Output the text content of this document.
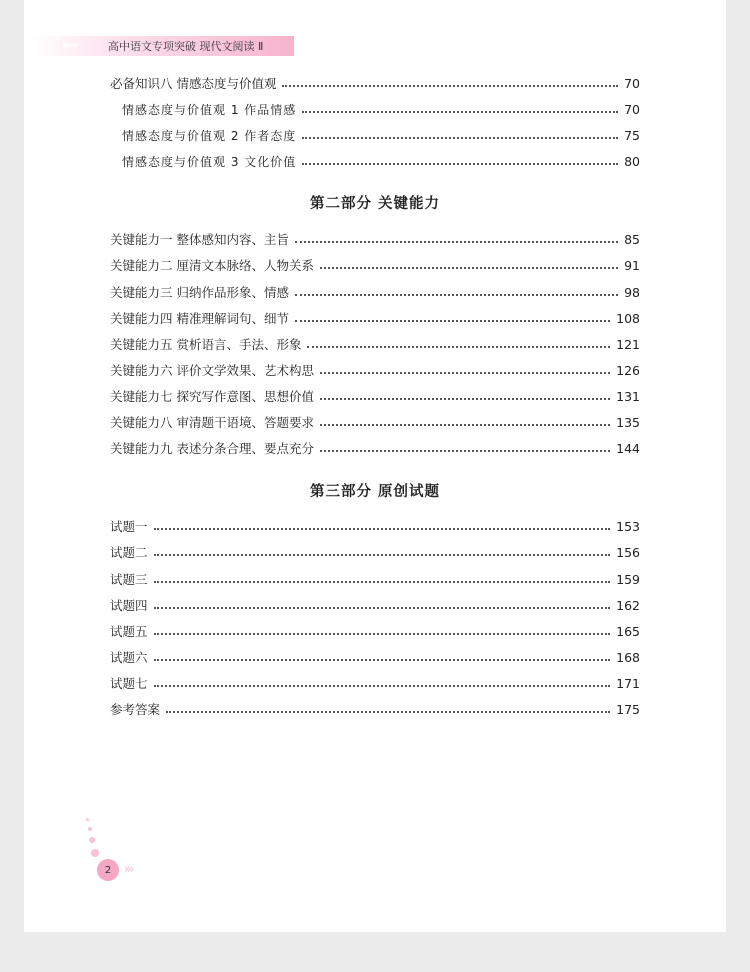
›››››	高中语文专项突破 现代文阅读 Ⅱ
必备知识八 情感态度与价值观	70
情感态度与价值观 1 作品情感	70
情感态度与价值观 2 作者态度	75
情感态度与价值观 3 文化价值	80
第二部分 关键能力
关键能力一 整体感知内容、主旨	85
关键能力二 厘清文本脉络、人物关系	91
关键能力三 归纳作品形象、情感	98
关键能力四 精准理解词句、细节	108
关键能力五 赏析语言、手法、形象	121
关键能力六 评价文学效果、艺术构思	126
关键能力七 探究写作意图、思想价值	131
关键能力八 审清题干语境、答题要求	135
关键能力九 表述分条合理、要点充分	144
第三部分 原创试题
试题一	153
试题二	156
试题三	159
试题四	162
试题五	165
试题六	168
试题七	171
参考答案	175
2	›››
